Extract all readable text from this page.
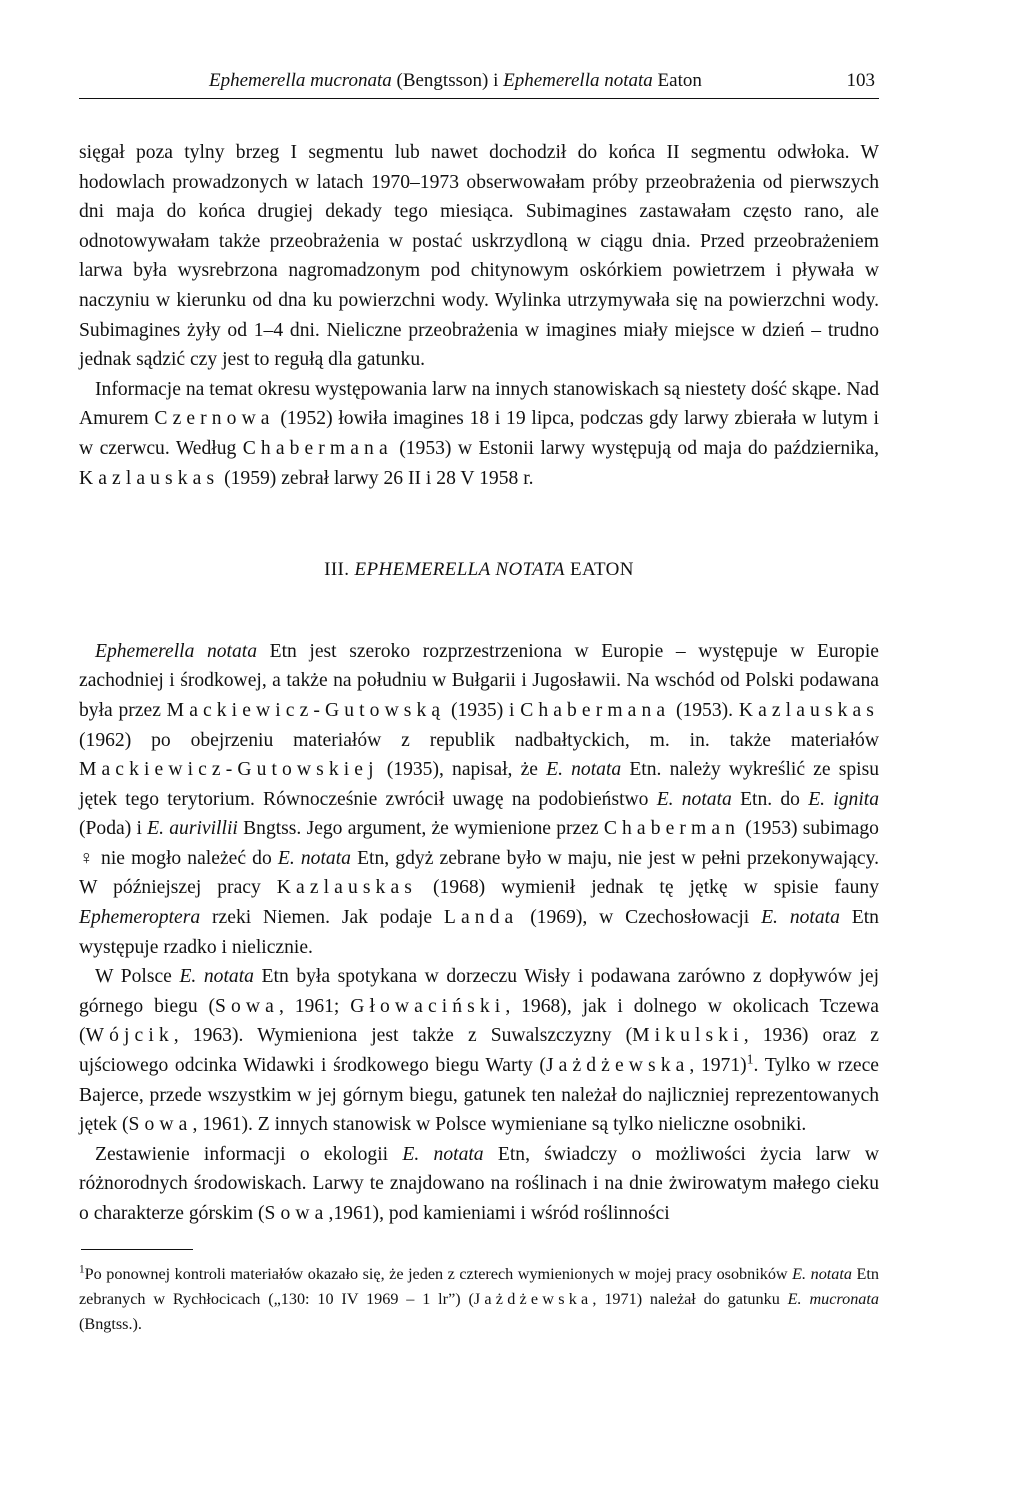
Ephemerella mucronata (Bengtsson) i Ephemerella notata Eaton	103

sięgał poza tylny brzeg I segmentu lub nawet dochodził do końca II segmentu odwłoka. W hodowlach prowadzonych w latach 1970–1973 obserwowałam próby przeobrażenia od pierwszych dni maja do końca drugiej dekady tego miesiąca. Subimagines zastawałam często rano, ale odnotowywałam także przeobrażenia w postać uskrzydloną w ciągu dnia. Przed przeobrażeniem larwa była wysrebrzona nagromadzonym pod chitynowym oskórkiem powietrzem i pływała w naczyniu w kierunku od dna ku powierzchni wody. Wylinka utrzymywała się na powierzchni wody. Subimagines żyły od 1–4 dni. Nieliczne przeobrażenia w imagines miały miejsce w dzień – trudno jednak sądzić czy jest to regułą dla gatunku.

Informacje na temat okresu występowania larw na innych stanowiskach są niestety dość skąpe. Nad Amurem Czernowa (1952) łowiła imagines 18 i 19 lipca, podczas gdy larwy zbierała w lutym i w czerwcu. Według Chabermana (1953) w Estonii larwy występują od maja do października, Kazlauskas (1959) zebrał larwy 26 II i 28 V 1958 r.

III. EPHEMERELLA NOTATA EATON

Ephemerella notata Etn jest szeroko rozprzestrzeniona w Europie – występuje w Europie zachodniej i środkowej, a także na południu w Bułgarii i Jugosławii. Na wschód od Polski podawana była przez Mackiewicz-Gutowską (1935) i Chabermana (1953). Kazlauskas (1962) po obejrzeniu materiałów z republik nadbałtyckich, m. in. także materiałów Mackiewicz-Gutowskiej (1935), napisał, że E. notata Etn. należy wykreślić ze spisu jętek tego terytorium. Równocześnie zwrócił uwagę na podobieństwo E. notata Etn. do E. ignita (Poda) i E. aurivillii Bngtss. Jego argument, że wymienione przez Chaberman (1953) subimago ♀ nie mogło należeć do E. notata Etn, gdyż zebrane było w maju, nie jest w pełni przekonywający. W późniejszej pracy Kazlauskas (1968) wymienił jednak tę jętkę w spisie fauny Ephemeroptera rzeki Niemen. Jak podaje Landa (1969), w Czechosłowacji E. notata Etn występuje rzadko i nielicznie.

W Polsce E. notata Etn była spotykana w dorzeczu Wisły i podawana zarówno z dopływów jej górnego biegu (Sowa, 1961; Głowaciński, 1968), jak i dolnego w okolicach Tczewa (Wójcik, 1963). Wymieniona jest także z Suwalszczyzny (Mikulski, 1936) oraz z ujściowego odcinka Widawki i środkowego biegu Warty (Jażdżewska, 1971)$^1$. Tylko w rzece Bajerce, przede wszystkim w jej górnym biegu, gatunek ten należał do najliczniej reprezentowanych jętek (Sowa, 1961). Z innych stanowisk w Polsce wymieniane są tylko nieliczne osobniki.

Zestawienie informacji o ekologii E. notata Etn, świadczy o możliwości życia larw w różnorodnych środowiskach. Larwy te znajdowano na roślinach i na dnie żwirowatym małego cieku o charakterze górskim (Sowa,1961), pod kamieniami i wśród roślinności

$^1$Po ponownej kontroli materiałów okazało się, że jeden z czterech wymienionych w mojej pracy osobników E. notata Etn zebranych w Rychłocicach („130: 10 IV 1969 – 1 lr”) (Jażdżewska, 1971) należał do gatunku E. mucronata (Bngtss.).
